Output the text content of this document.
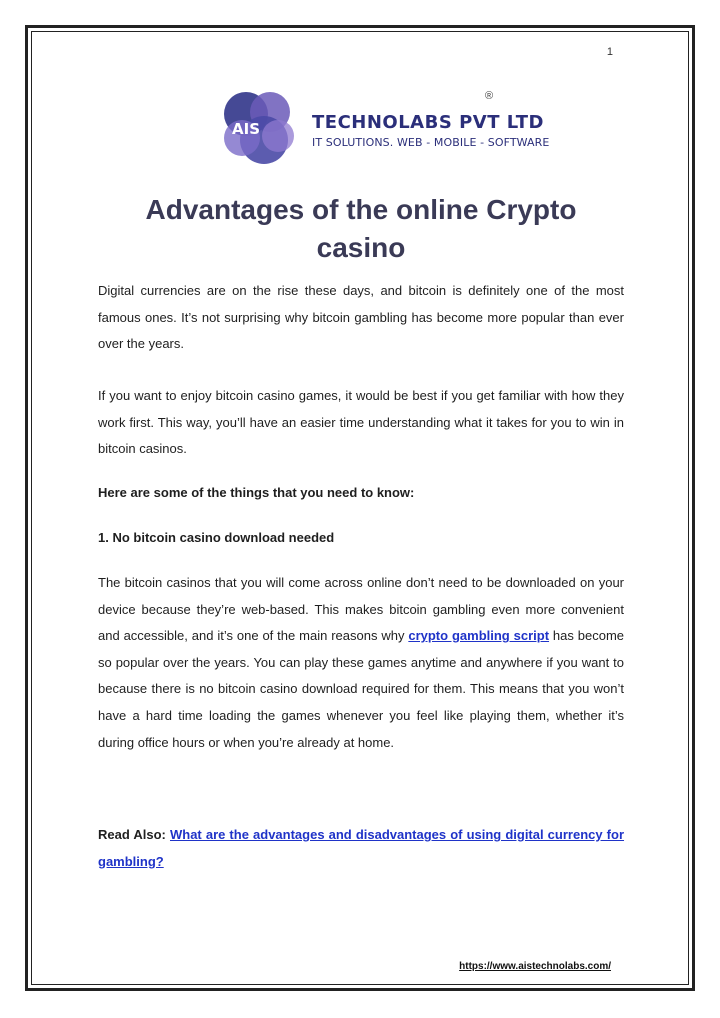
1
AIS	TECHNOLABS PVT LTD
IT SOLUTIONS. WEB - MOBILE - SOFTWARE
®
Advantages of the online Crypto casino

Digital currencies are on the rise these days, and bitcoin is definitely one of the most famous ones. It’s not surprising why bitcoin gambling has become more popular than ever over the years.

If you want to enjoy bitcoin casino games, it would be best if you get familiar with how they work first. This way, you’ll have an easier time understanding what it takes for you to win in bitcoin casinos.

Here are some of the things that you need to know:

1. No bitcoin casino download needed

The bitcoin casinos that you will come across online don’t need to be downloaded on your device because they’re web-based. This makes bitcoin gambling even more convenient and accessible, and it’s one of the main reasons why crypto gambling script has become so popular over the years. You can play these games anytime and anywhere if you want to because there is no bitcoin casino download required for them. This means that you won’t have a hard time loading the games whenever you feel like playing them, whether it’s during office hours or when you’re already at home.

Read Also: What are the advantages and disadvantages of using digital currency for gambling?

https://www.aistechnolabs.com/
